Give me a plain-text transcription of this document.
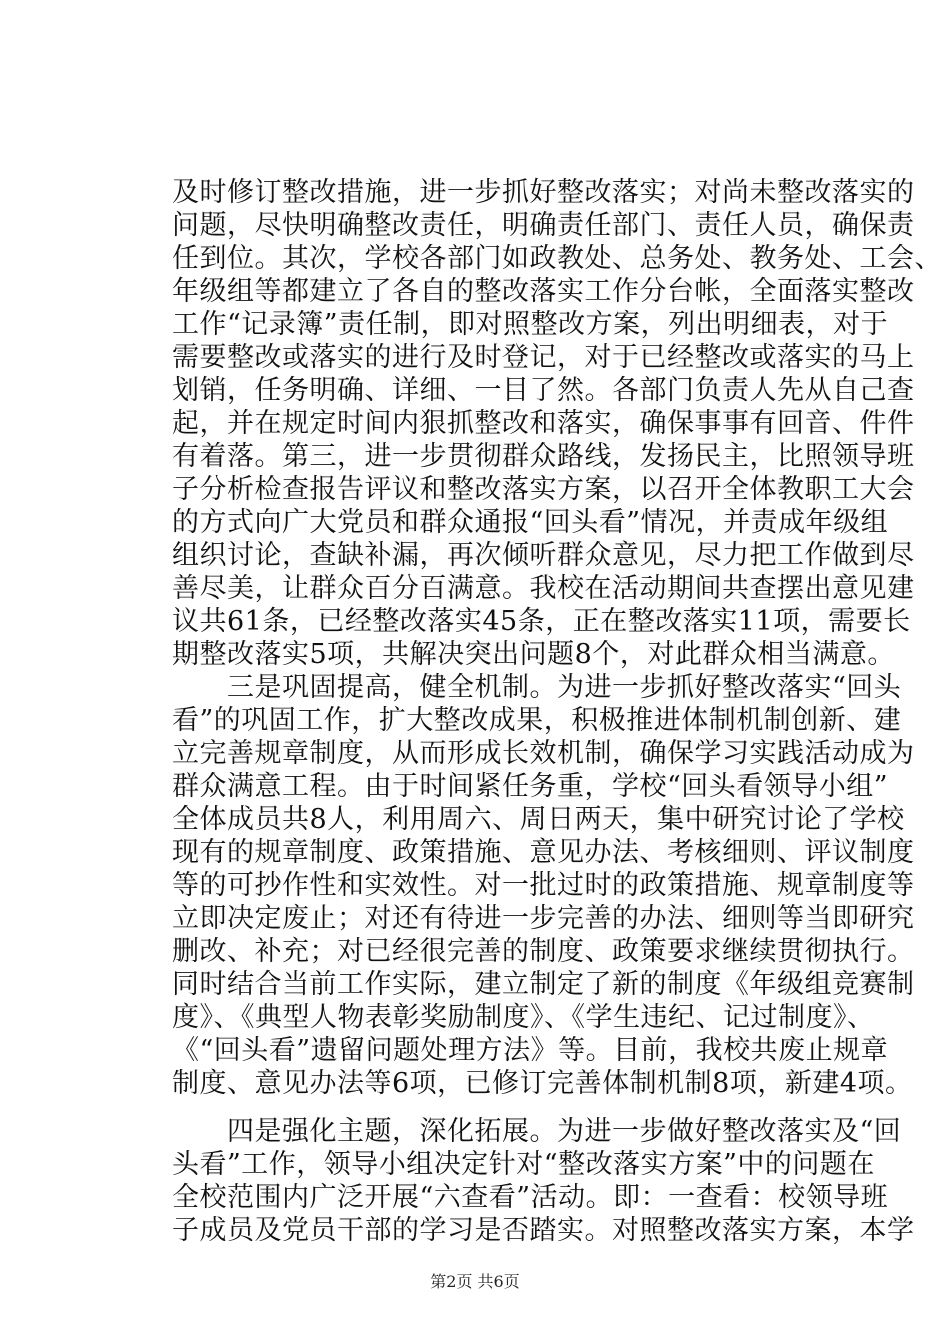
及时修订整改措施，进一步抓好整改落实；对尚未整改落实的
问题，尽快明确整改责任，明确责任部门、责任人员，确保责
任到位。其次，学校各部门如政教处、总务处、教务处、工会、
年级组等都建立了各自的整改落实工作分台帐，全面落实整改
工作“记录簿”责任制，即对照整改方案，列出明细表，对于
需要整改或落实的进行及时登记，对于已经整改或落实的马上
划销，任务明确、详细、一目了然。各部门负责人先从自己查
起，并在规定时间内狠抓整改和落实，确保事事有回音、件件
有着落。第三，进一步贯彻群众路线，发扬民主，比照领导班
子分析检查报告评议和整改落实方案，以召开全体教职工大会
的方式向广大党员和群众通报“回头看”情况，并责成年级组
组织讨论，查缺补漏，再次倾听群众意见，尽力把工作做到尽
善尽美，让群众百分百满意。我校在活动期间共查摆出意见建
议共61条，已经整改落实45条，正在整改落实11项，需要长
期整改落实5项，共解决突出问题8个，对此群众相当满意。
　　三是巩固提高，健全机制。为进一步抓好整改落实“回头
看”的巩固工作，扩大整改成果，积极推进体制机制创新、建
立完善规章制度，从而形成长效机制，确保学习实践活动成为
群众满意工程。由于时间紧任务重，学校“回头看领导小组”
全体成员共8人，利用周六、周日两天，集中研究讨论了学校
现有的规章制度、政策措施、意见办法、考核细则、评议制度
等的可抄作性和实效性。对一批过时的政策措施、规章制度等
立即决定废止；对还有待进一步完善的办法、细则等当即研究
删改、补充；对已经很完善的制度、政策要求继续贯彻执行。
同时结合当前工作实际，建立制定了新的制度《年级组竞赛制
度》、《典型人物表彰奖励制度》、《学生违纪、记过制度》、
《“回头看”遗留问题处理方法》等。目前，我校共废止规章
制度、意见办法等6项，已修订完善体制机制8项，新建4项。
　　四是强化主题，深化拓展。为进一步做好整改落实及“回
头看”工作，领导小组决定针对“整改落实方案”中的问题在
全校范围内广泛开展“六查看”活动。即：一查看：校领导班
子成员及党员干部的学习是否踏实。对照整改落实方案，本学
第2页 共6页
